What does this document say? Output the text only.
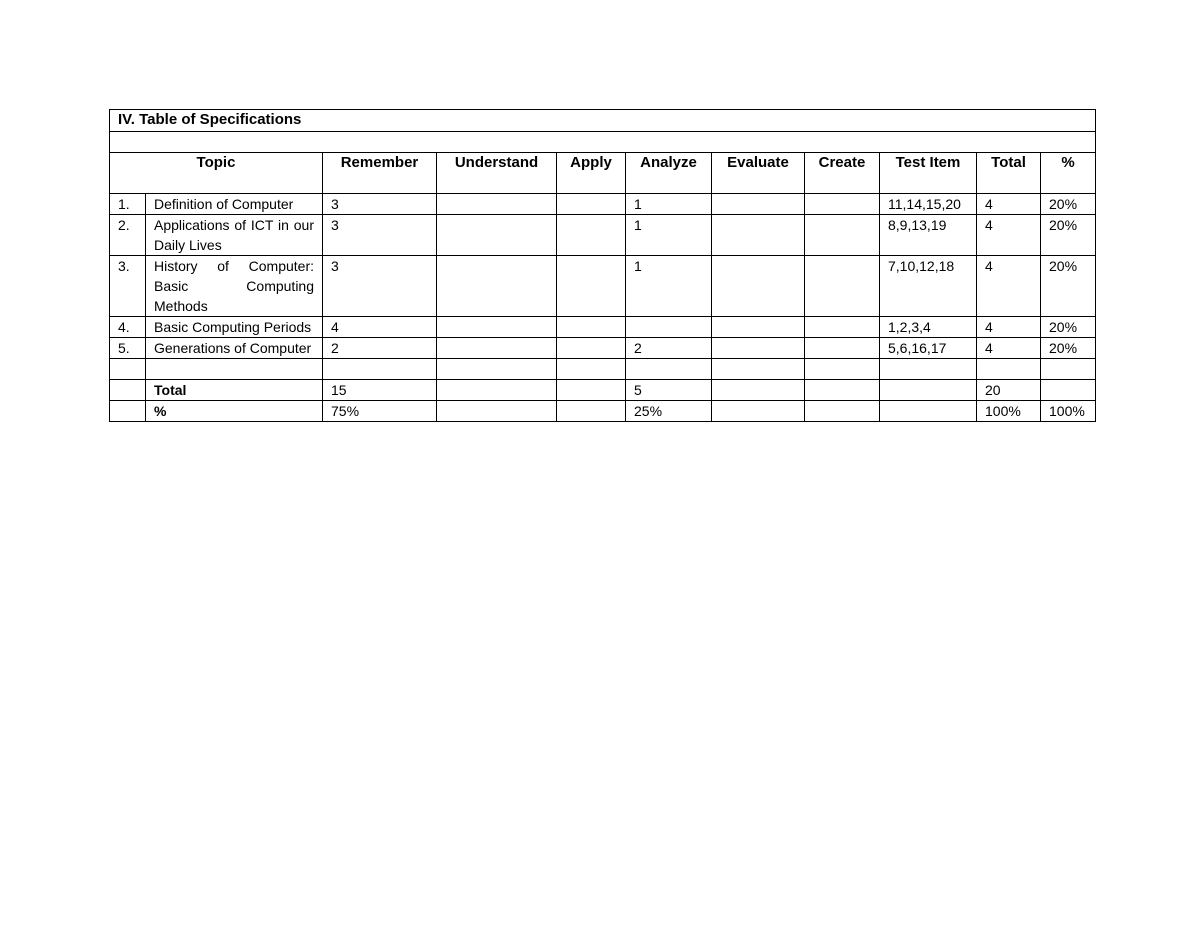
IV. Table of Specifications										

Topic		Remember	Understand	Apply	Analyze	Evaluate	Create	Test Item	Total	%
1.	Definition of Computer	3			1			11,14,15,20	4	20%
2.	Applications of ICT in our Daily Lives	3			1			8,9,13,19	4	20%
3.	History of Computer: Basic Computing Methods	3			1			7,10,12,18	4	20%
4.	Basic Computing Periods	4						1,2,3,4	4	20%
5.	Generations of Computer	2			2			5,6,16,17	4	20%

	Total	15			5				20	
	%	75%			25%				100%	100%
